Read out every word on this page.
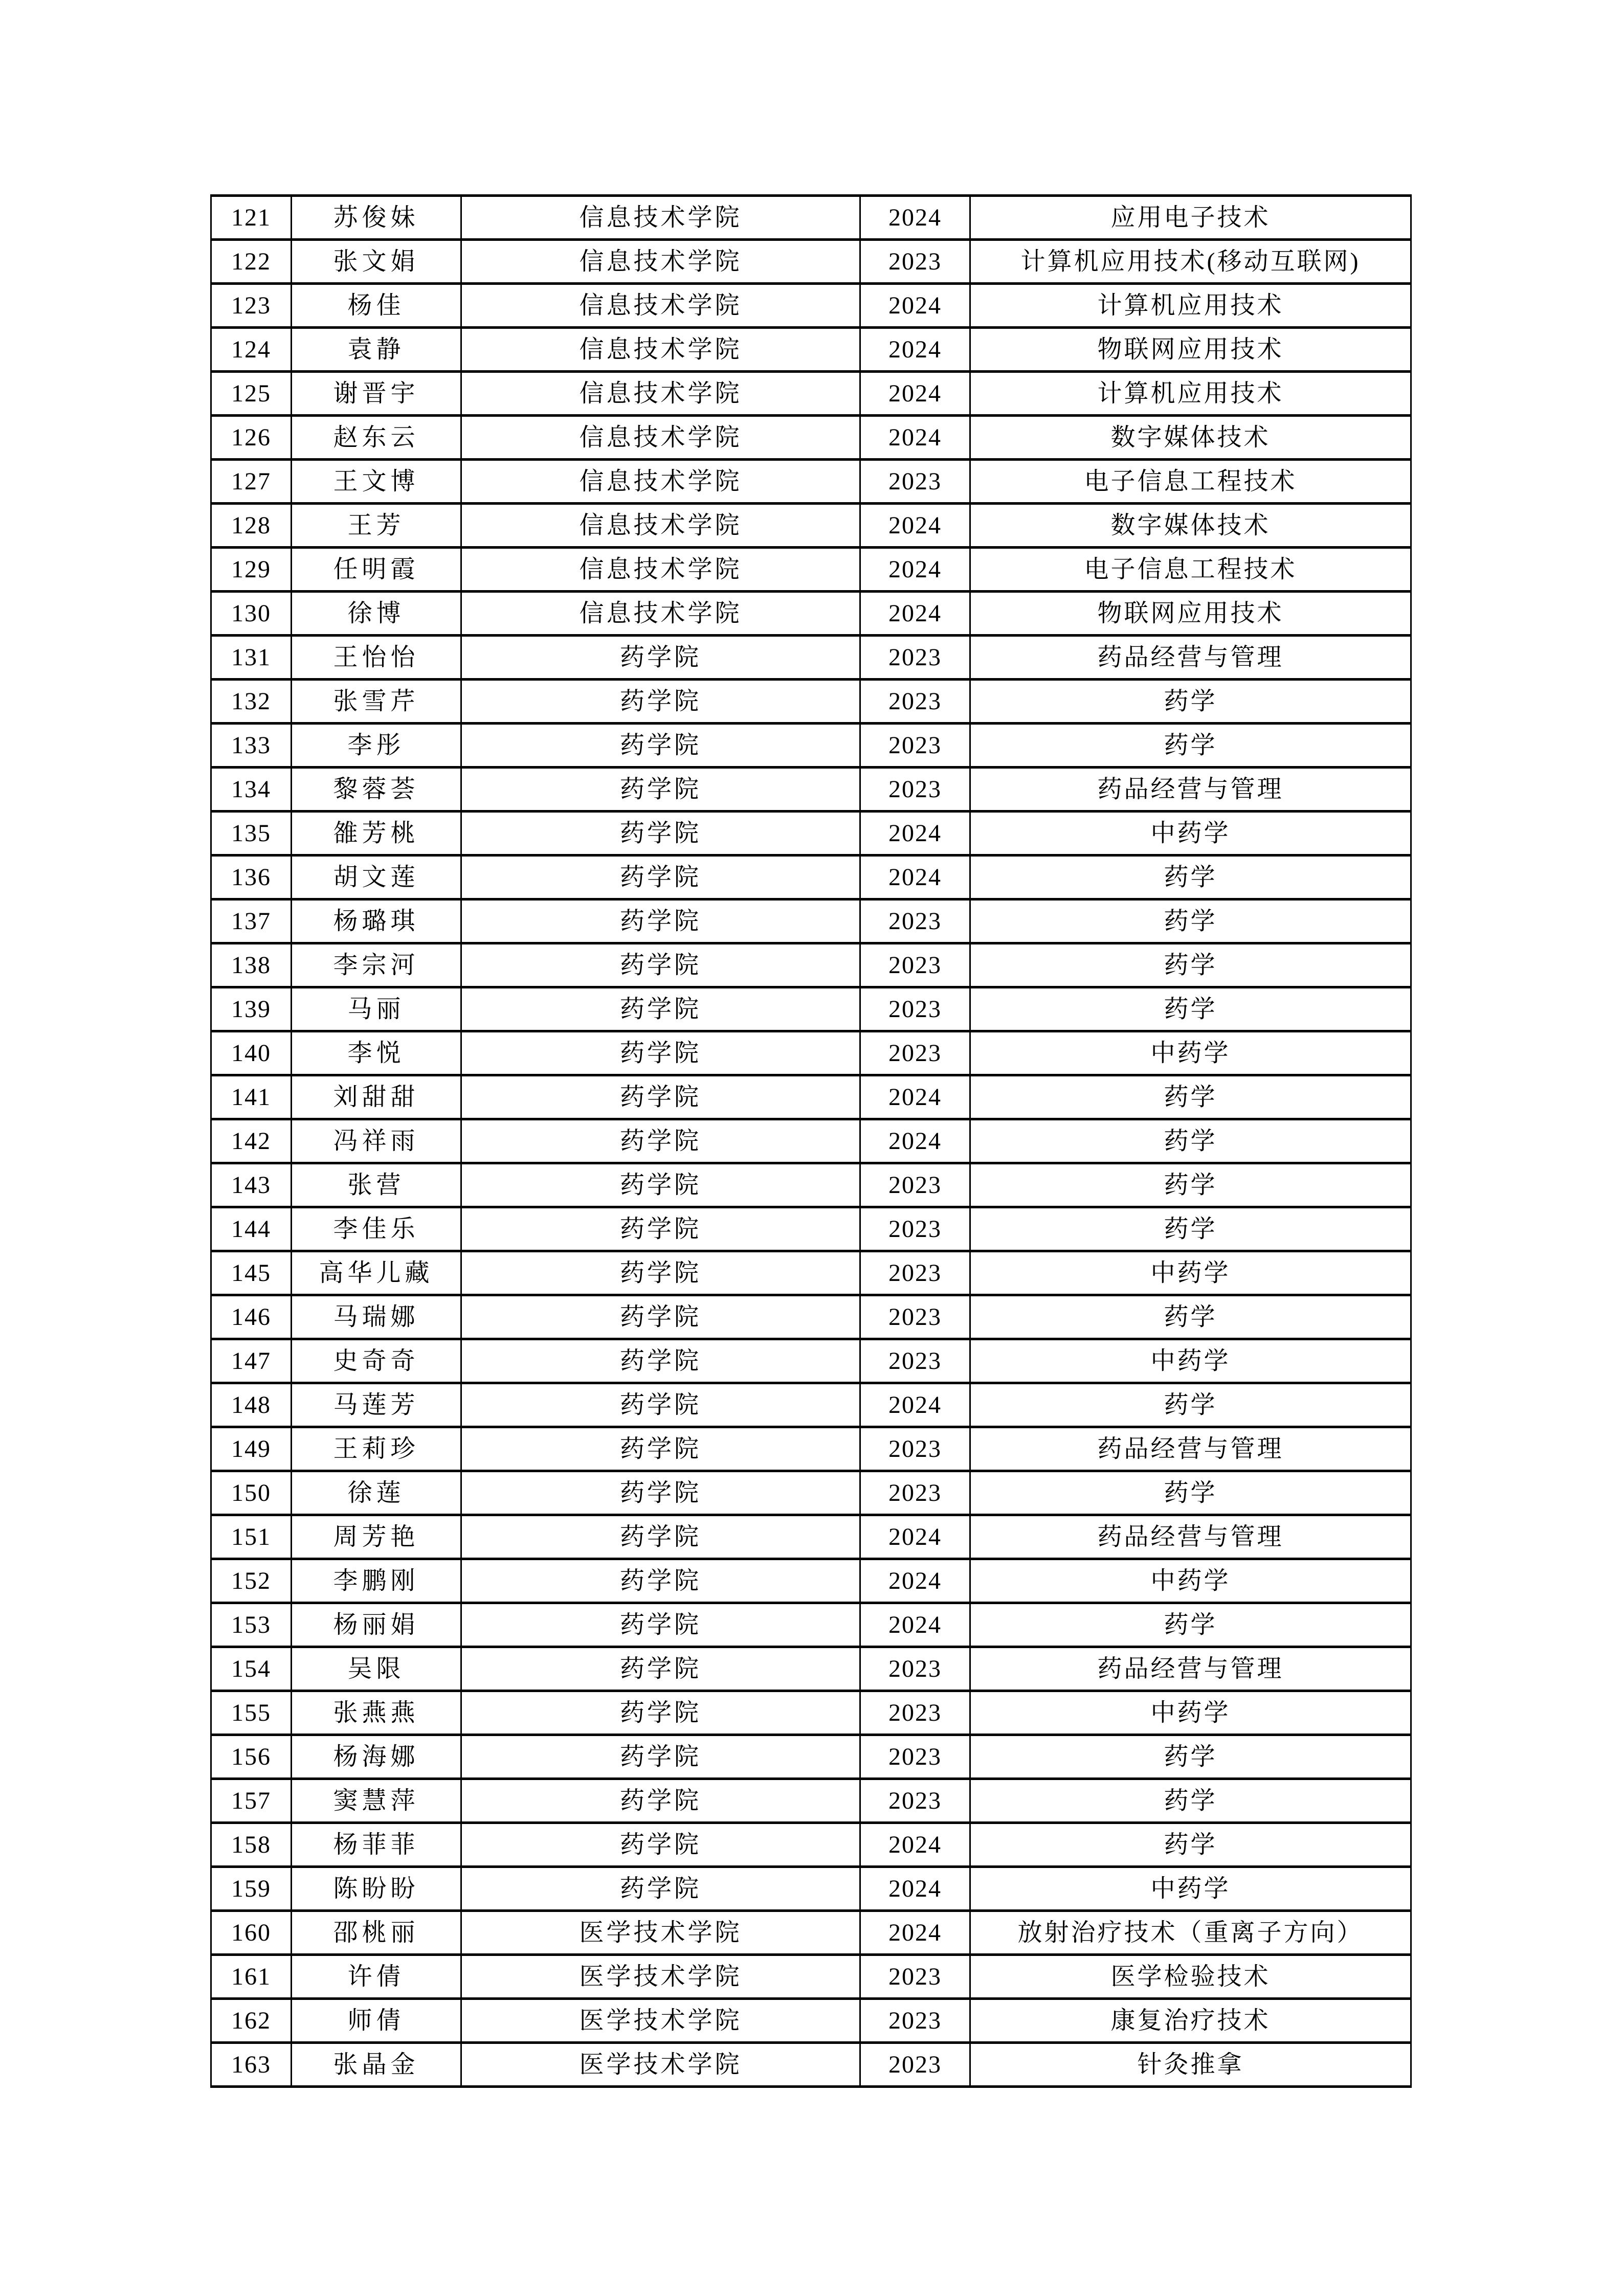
121	苏俊妹	信息技术学院	2024	应用电子技术
122	张文娟	信息技术学院	2023	计算机应用技术(移动互联网)
123	杨佳	信息技术学院	2024	计算机应用技术
124	袁静	信息技术学院	2024	物联网应用技术
125	谢晋宇	信息技术学院	2024	计算机应用技术
126	赵东云	信息技术学院	2024	数字媒体技术
127	王文博	信息技术学院	2023	电子信息工程技术
128	王芳	信息技术学院	2024	数字媒体技术
129	任明霞	信息技术学院	2024	电子信息工程技术
130	徐博	信息技术学院	2024	物联网应用技术
131	王怡怡	药学院	2023	药品经营与管理
132	张雪芹	药学院	2023	药学
133	李彤	药学院	2023	药学
134	黎蓉荟	药学院	2023	药品经营与管理
135	雒芳桃	药学院	2024	中药学
136	胡文莲	药学院	2024	药学
137	杨璐琪	药学院	2023	药学
138	李宗河	药学院	2023	药学
139	马丽	药学院	2023	药学
140	李悦	药学院	2023	中药学
141	刘甜甜	药学院	2024	药学
142	冯祥雨	药学院	2024	药学
143	张营	药学院	2023	药学
144	李佳乐	药学院	2023	药学
145	高华儿藏	药学院	2023	中药学
146	马瑞娜	药学院	2023	药学
147	史奇奇	药学院	2023	中药学
148	马莲芳	药学院	2024	药学
149	王莉珍	药学院	2023	药品经营与管理
150	徐莲	药学院	2023	药学
151	周芳艳	药学院	2024	药品经营与管理
152	李鹏刚	药学院	2024	中药学
153	杨丽娟	药学院	2024	药学
154	吴限	药学院	2023	药品经营与管理
155	张燕燕	药学院	2023	中药学
156	杨海娜	药学院	2023	药学
157	窦慧萍	药学院	2023	药学
158	杨菲菲	药学院	2024	药学
159	陈盼盼	药学院	2024	中药学
160	邵桃丽	医学技术学院	2024	放射治疗技术（重离子方向）
161	许倩	医学技术学院	2023	医学检验技术
162	师倩	医学技术学院	2023	康复治疗技术
163	张晶金	医学技术学院	2023	针灸推拿
